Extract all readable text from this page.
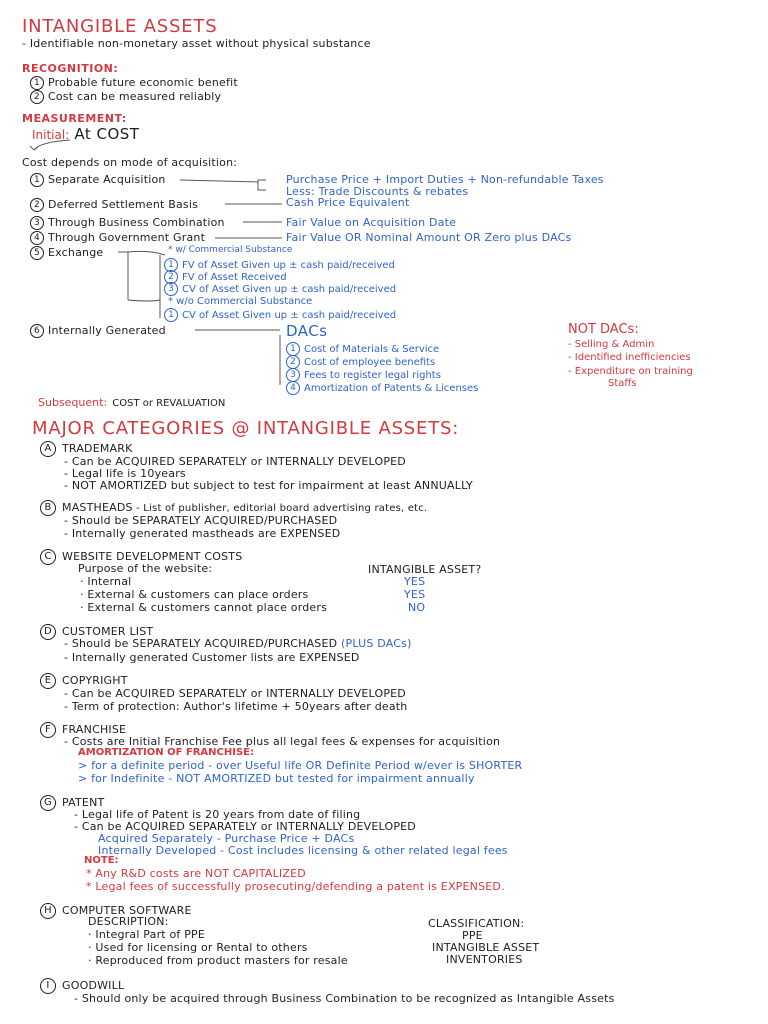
INTANGIBLE ASSETS
- Identifiable non-monetary asset without physical substance
RECOGNITION:
1 Probable future economic benefit
2 Cost can be measured reliably
MEASUREMENT:
Initial: At COST
Cost depends on mode of acquisition:
1 Separate Acquisition	Purchase Price + Import Duties + Non-refundable Taxes
Less: Trade Discounts & rebates
2 Deferred Settlement Basis	Cash Price Equivalent
3 Through Business Combination	Fair Value on Acquisition Date
4 Through Government Grant	Fair Value OR Nominal Amount OR Zero plus DACs
5 Exchange	* w/ Commercial Substance
1 FV of Asset Given up ± cash paid/received
2 FV of Asset Received
3 CV of Asset Given up ± cash paid/received
* w/o Commercial Substance
1 CV of Asset Given up ± cash paid/received
6 Internally Generated	DACs
1 Cost of Materials & Service
2 Cost of employee benefits
3 Fees to register legal rights
4 Amortization of Patents & Licenses
NOT DACs:
- Selling & Admin
- Identified inefficiencies
- Expenditure on training
Staffs
Subsequent: COST or REVALUATION
MAJOR CATEGORIES @ INTANGIBLE ASSETS:
A TRADEMARK
- Can be ACQUIRED SEPARATELY or INTERNALLY DEVELOPED
- Legal life is 10years
- NOT AMORTIZED but subject to test for impairment at least ANNUALLY
B MASTHEADS - List of publisher, editorial board advertising rates, etc.
- Should be SEPARATELY ACQUIRED/PURCHASED
- Internally generated mastheads are EXPENSED
C WEBSITE DEVELOPMENT COSTS
Purpose of the website:	INTANGIBLE ASSET?
· Internal	YES
· External & customers can place orders	YES
· External & customers cannot place orders	NO
D CUSTOMER LIST
- Should be SEPARATELY ACQUIRED/PURCHASED (PLUS DACs)
- Internally generated Customer lists are EXPENSED
E COPYRIGHT
- Can be ACQUIRED SEPARATELY or INTERNALLY DEVELOPED
- Term of protection: Author's lifetime + 50years after death
F FRANCHISE
- Costs are Initial Franchise Fee plus all legal fees & expenses for acquisition
AMORTIZATION OF FRANCHISE:
> for a definite period - over Useful life OR Definite Period w/ever is SHORTER
> for Indefinite - NOT AMORTIZED but tested for impairment annually
G PATENT
- Legal life of Patent is 20 years from date of filing
- Can be ACQUIRED SEPARATELY or INTERNALLY DEVELOPED
Acquired Separately - Purchase Price + DACs
Internally Developed - Cost includes licensing & other related legal fees
NOTE:
* Any R&D costs are NOT CAPITALIZED
* Legal fees of successfully prosecuting/defending a patent is EXPENSED.
H COMPUTER SOFTWARE
DESCRIPTION:	CLASSIFICATION:
· Integral Part of PPE	PPE
· Used for licensing or Rental to others	INTANGIBLE ASSET
· Reproduced from product masters for resale	INVENTORIES
I GOODWILL
- Should only be acquired through Business Combination to be recognized as Intangible Assets
